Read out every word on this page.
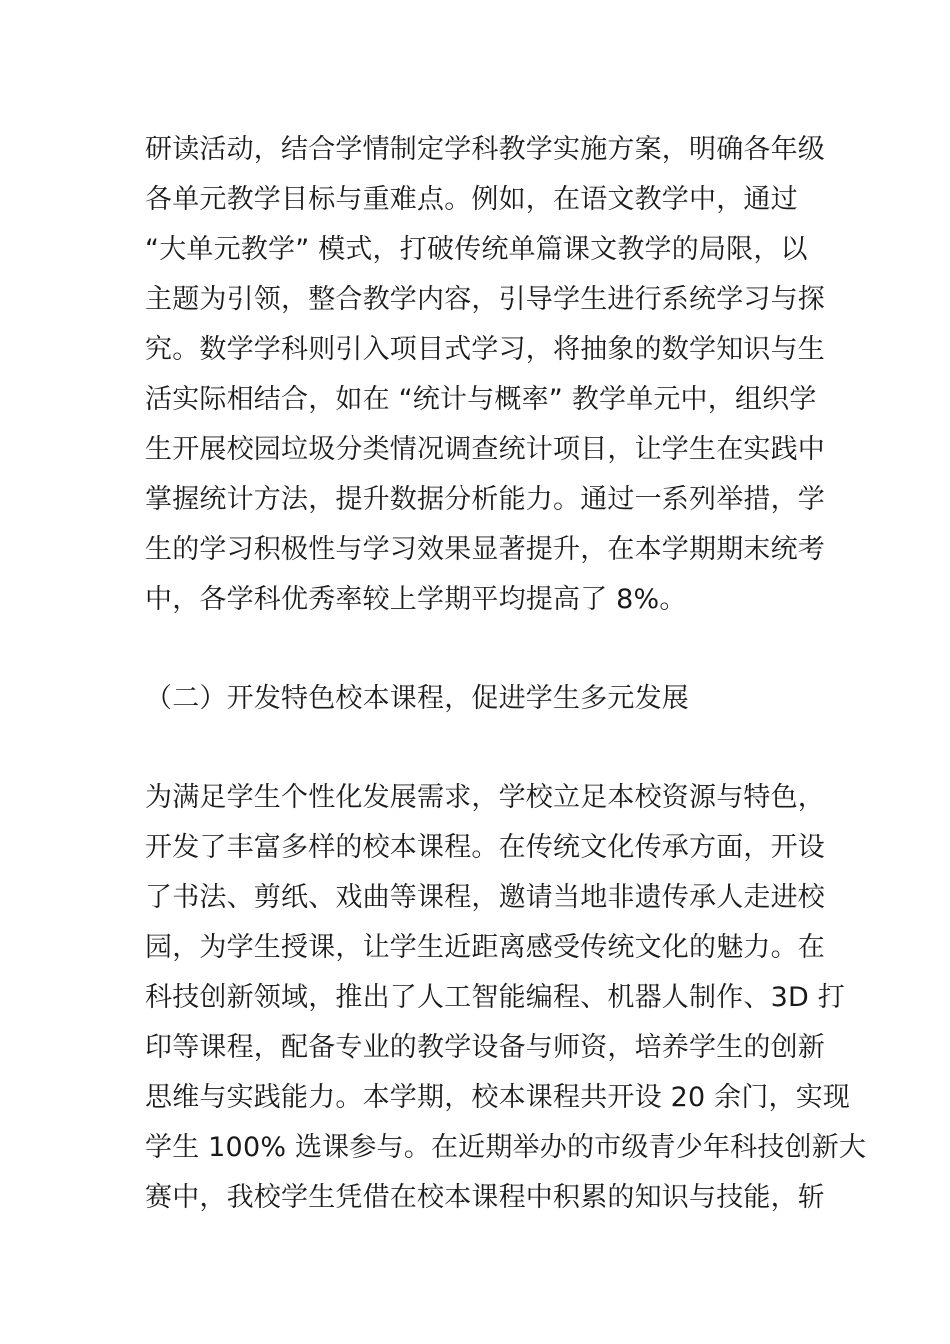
研读活动，结合学情制定学科教学实施方案，明确各年级
各单元教学目标与重难点。例如，在语文教学中，通过
“大单元教学” 模式，打破传统单篇课文教学的局限，以
主题为引领，整合教学内容，引导学生进行系统学习与探
究。数学学科则引入项目式学习，将抽象的数学知识与生
活实际相结合，如在 “统计与概率” 教学单元中，组织学
生开展校园垃圾分类情况调查统计项目，让学生在实践中
掌握统计方法，提升数据分析能力。通过一系列举措，学
生的学习积极性与学习效果显著提升，在本学期期末统考
中，各学科优秀率较上学期平均提高了 8%。
（二）开发特色校本课程，促进学生多元发展
为满足学生个性化发展需求，学校立足本校资源与特色，
开发了丰富多样的校本课程。在传统文化传承方面，开设
了书法、剪纸、戏曲等课程，邀请当地非遗传承人走进校
园，为学生授课，让学生近距离感受传统文化的魅力。在
科技创新领域，推出了人工智能编程、机器人制作、3D 打
印等课程，配备专业的教学设备与师资，培养学生的创新
思维与实践能力。本学期，校本课程共开设 20 余门，实现
学生 100% 选课参与。在近期举办的市级青少年科技创新大
赛中，我校学生凭借在校本课程中积累的知识与技能，斩
